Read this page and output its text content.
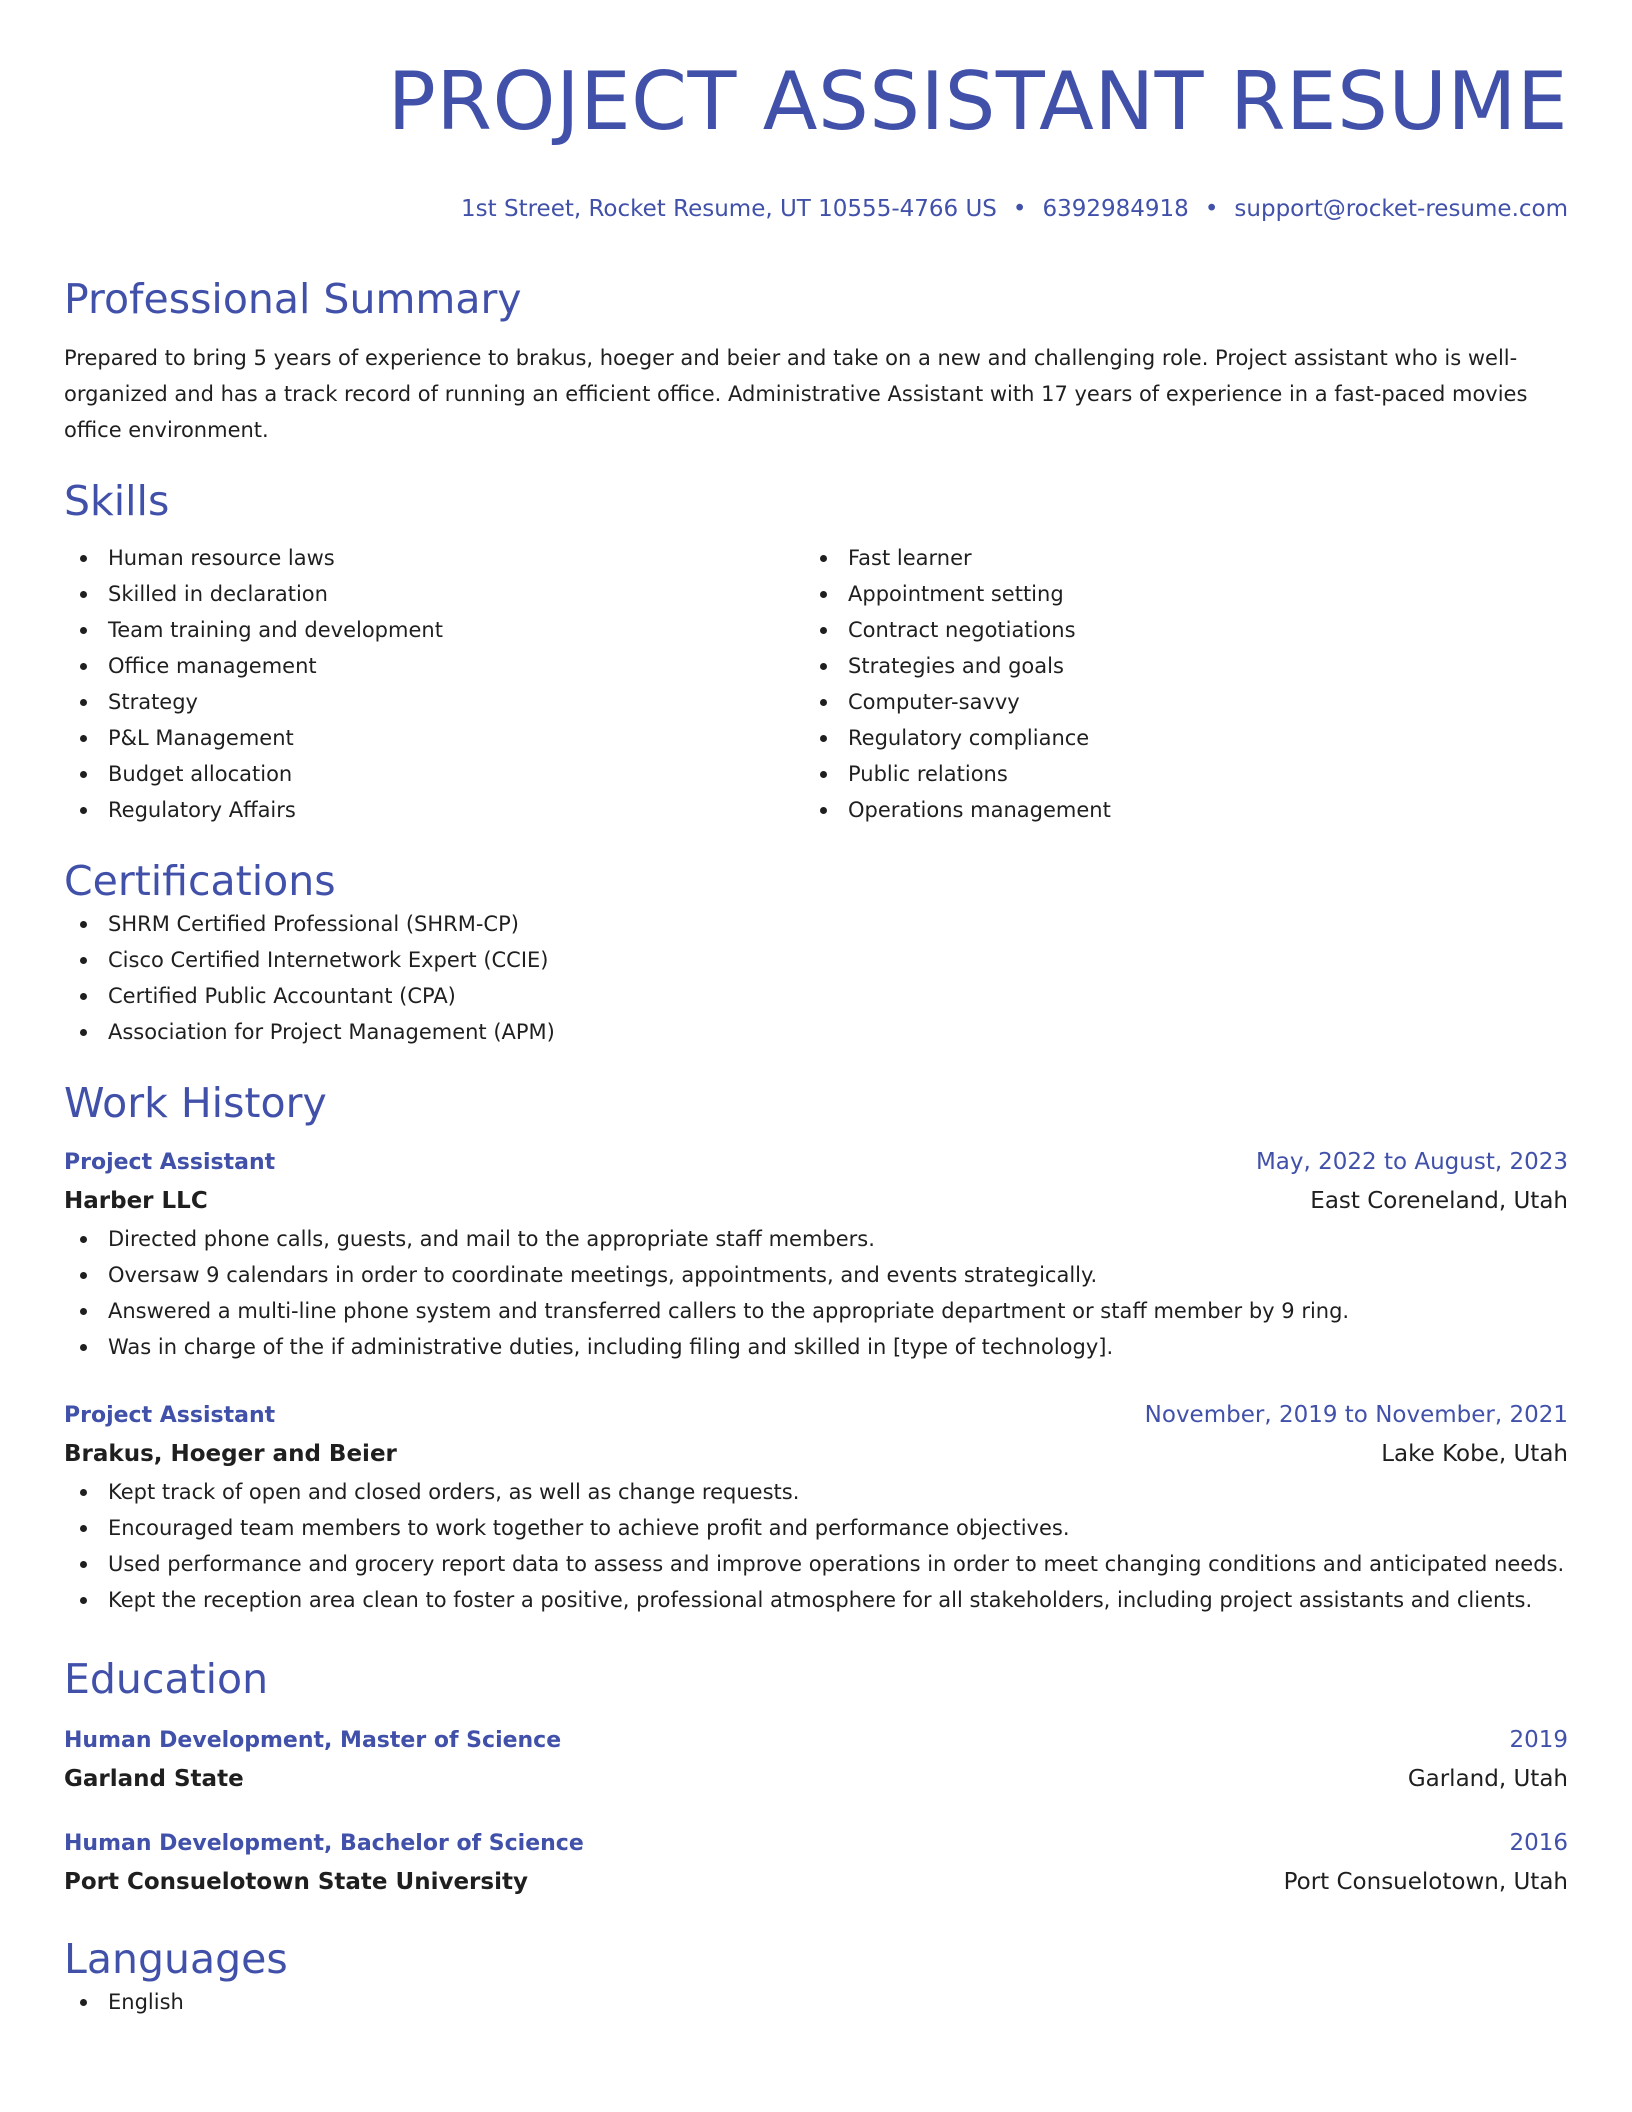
PROJECT ASSISTANT RESUME
1st Street, Rocket Resume, UT 10555-4766 US • 6392984918 • support@rocket-resume.com
Professional Summary
Prepared to bring 5 years of experience to brakus, hoeger and beier and take on a new and challenging role. Project assistant who is well-organized and has a track record of running an efficient office. Administrative Assistant with 17 years of experience in a fast-paced movies office environment.
Skills
Human resource laws
Skilled in declaration
Team training and development
Office management
Strategy
P&L Management
Budget allocation
Regulatory Affairs
Fast learner
Appointment setting
Contract negotiations
Strategies and goals
Computer-savvy
Regulatory compliance
Public relations
Operations management
Certifications
SHRM Certified Professional (SHRM-CP)
Cisco Certified Internetwork Expert (CCIE)
Certified Public Accountant (CPA)
Association for Project Management (APM)
Work History
Project Assistant	May, 2022 to August, 2023
Harber LLC	East Coreneland, Utah
Directed phone calls, guests, and mail to the appropriate staff members.
Oversaw 9 calendars in order to coordinate meetings, appointments, and events strategically.
Answered a multi-line phone system and transferred callers to the appropriate department or staff member by 9 ring.
Was in charge of the if administrative duties, including filing and skilled in [type of technology].
Project Assistant	November, 2019 to November, 2021
Brakus, Hoeger and Beier	Lake Kobe, Utah
Kept track of open and closed orders, as well as change requests.
Encouraged team members to work together to achieve profit and performance objectives.
Used performance and grocery report data to assess and improve operations in order to meet changing conditions and anticipated needs.
Kept the reception area clean to foster a positive, professional atmosphere for all stakeholders, including project assistants and clients.
Education
Human Development, Master of Science	2019
Garland State	Garland, Utah
Human Development, Bachelor of Science	2016
Port Consuelotown State University	Port Consuelotown, Utah
Languages
English
